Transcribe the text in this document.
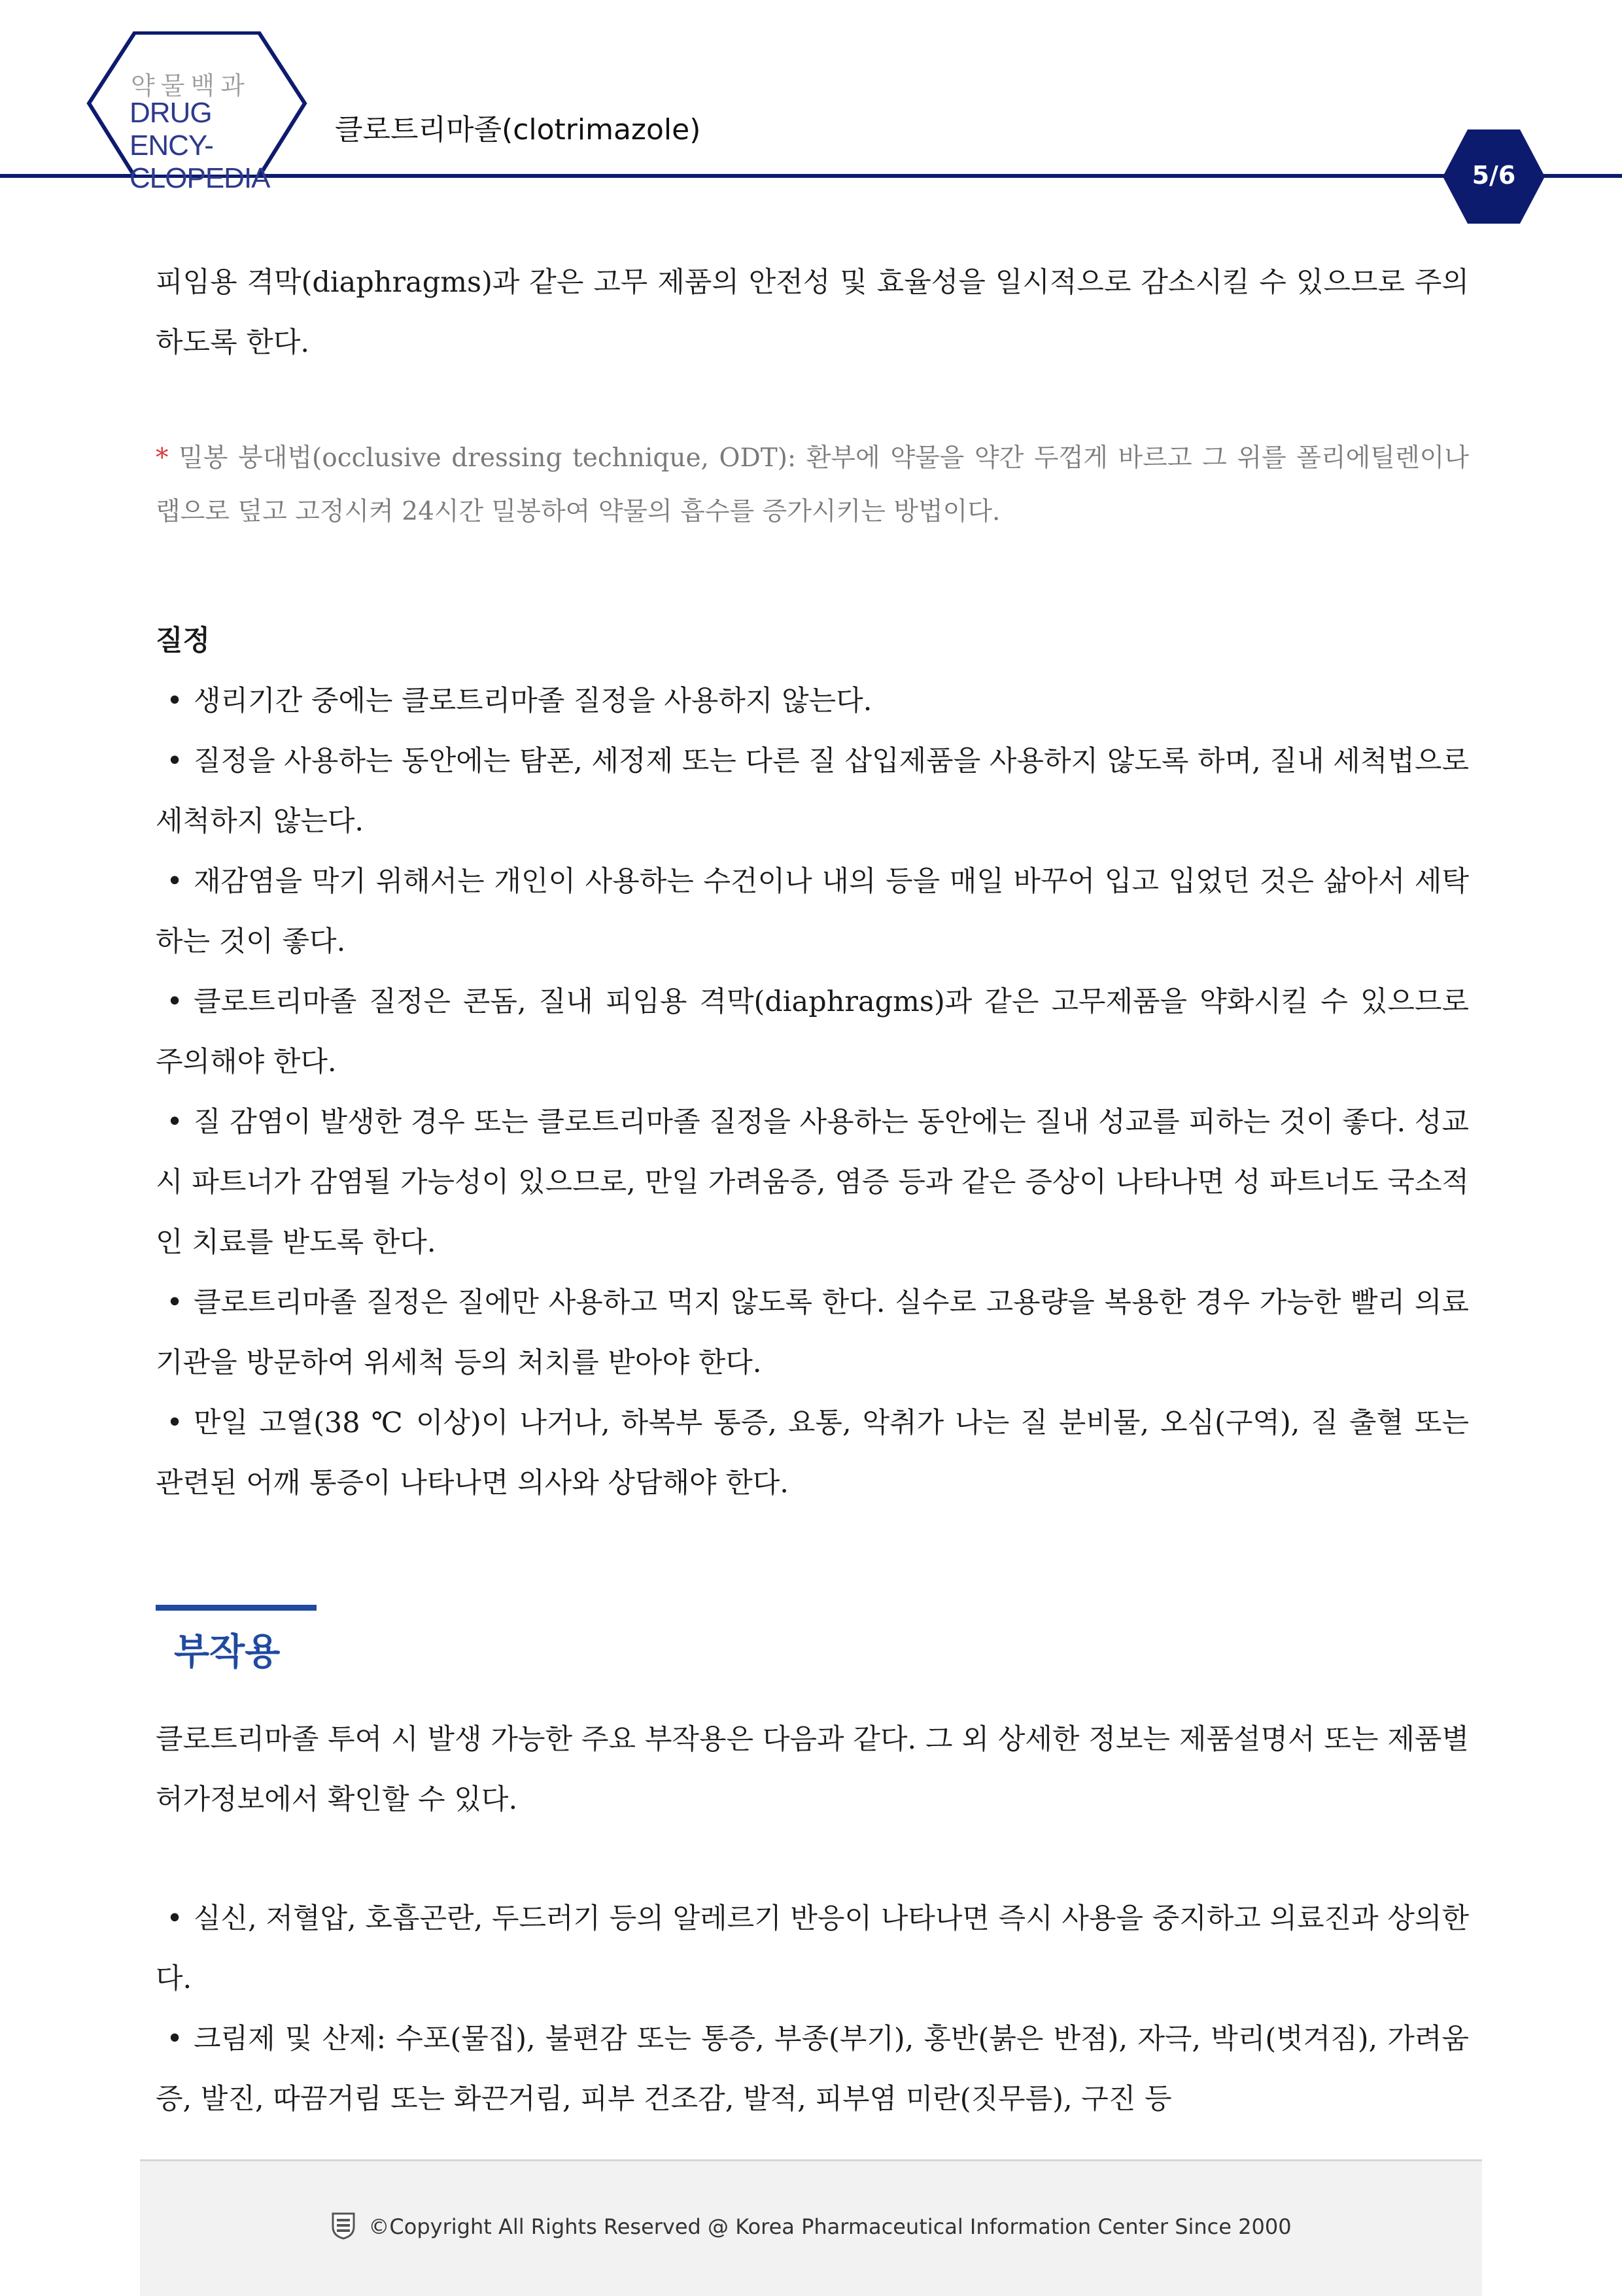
약물백과
DRUG ENCY-
CLOPEDIA
클로트리마졸(clotrimazole)
5/6

피임용 격막(diaphragms)과 같은 고무 제품의 안전성 및 효율성을 일시적으로 감소시킬 수 있으므로 주의하도록 한다.

* 밀봉 붕대법(occlusive dressing technique, ODT): 환부에 약물을 약간 두껍게 바르고 그 위를 폴리에틸렌이나 랩으로 덮고 고정시켜 24시간 밀봉하여 약물의 흡수를 증가시키는 방법이다.

질정

• 생리기간 중에는 클로트리마졸 질정을 사용하지 않는다.
• 질정을 사용하는 동안에는 탐폰, 세정제 또는 다른 질 삽입제품을 사용하지 않도록 하며, 질내 세척법으로 세척하지 않는다.
• 재감염을 막기 위해서는 개인이 사용하는 수건이나 내의 등을 매일 바꾸어 입고 입었던 것은 삶아서 세탁하는 것이 좋다.
• 클로트리마졸 질정은 콘돔, 질내 피임용 격막(diaphragms)과 같은 고무제품을 약화시킬 수 있으므로 주의해야 한다.
• 질 감염이 발생한 경우 또는 클로트리마졸 질정을 사용하는 동안에는 질내 성교를 피하는 것이 좋다. 성교 시 파트너가 감염될 가능성이 있으므로, 만일 가려움증, 염증 등과 같은 증상이 나타나면 성 파트너도 국소적인 치료를 받도록 한다.
• 클로트리마졸 질정은 질에만 사용하고 먹지 않도록 한다. 실수로 고용량을 복용한 경우 가능한 빨리 의료기관을 방문하여 위세척 등의 처치를 받아야 한다.
• 만일 고열(38 ℃ 이상)이 나거나, 하복부 통증, 요통, 악취가 나는 질 분비물, 오심(구역), 질 출혈 또는 관련된 어깨 통증이 나타나면 의사와 상담해야 한다.
부작용

클로트리마졸 투여 시 발생 가능한 주요 부작용은 다음과 같다. 그 외 상세한 정보는 제품설명서 또는 제품별 허가정보에서 확인할 수 있다.

• 실신, 저혈압, 호흡곤란, 두드러기 등의 알레르기 반응이 나타나면 즉시 사용을 중지하고 의료진과 상의한다.
• 크림제 및 산제: 수포(물집), 불편감 또는 통증, 부종(부기), 홍반(붉은 반점), 자극, 박리(벗겨짐), 가려움증, 발진, 따끔거림 또는 화끈거림, 피부 건조감, 발적, 피부염 미란(짓무름), 구진 등
©Copyright All Rights Reserved @ Korea Pharmaceutical Information Center Since 2000
